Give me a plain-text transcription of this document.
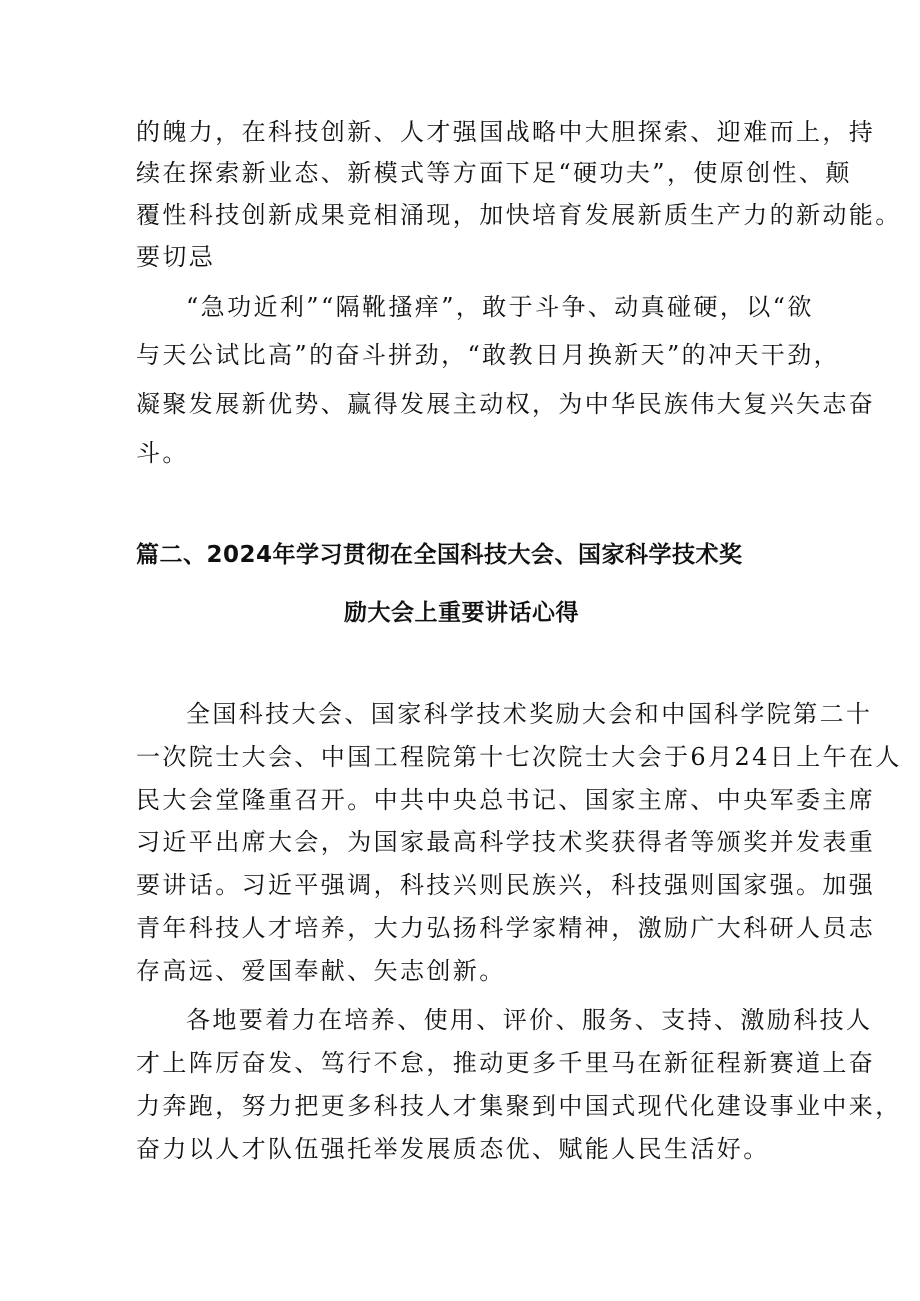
的魄力，在科技创新、人才强国战略中大胆探索、迎难而上，持
续在探索新业态、新模式等方面下足“硬功夫”，使原创性、颠
覆性科技创新成果竞相涌现，加快培育发展新质生产力的新动能。
要切忌
“急功近利”“隔靴搔痒”，敢于斗争、动真碰硬，以“欲
与天公试比高”的奋斗拼劲，“敢教日月换新天”的冲天干劲，
凝聚发展新优势、赢得发展主动权，为中华民族伟大复兴矢志奋
斗。
篇二、2024年学习贯彻在全国科技大会、国家科学技术奖
励大会上重要讲话心得
全国科技大会、国家科学技术奖励大会和中国科学院第二十
一次院士大会、中国工程院第十七次院士大会于6月24日上午在人
民大会堂隆重召开。中共中央总书记、国家主席、中央军委主席
习近平出席大会，为国家最高科学技术奖获得者等颁奖并发表重
要讲话。习近平强调，科技兴则民族兴，科技强则国家强。加强
青年科技人才培养，大力弘扬科学家精神，激励广大科研人员志
存高远、爱国奉献、矢志创新。
各地要着力在培养、使用、评价、服务、支持、激励科技人
才上阵厉奋发、笃行不怠，推动更多千里马在新征程新赛道上奋
力奔跑，努力把更多科技人才集聚到中国式现代化建设事业中来，
奋力以人才队伍强托举发展质态优、赋能人民生活好。
